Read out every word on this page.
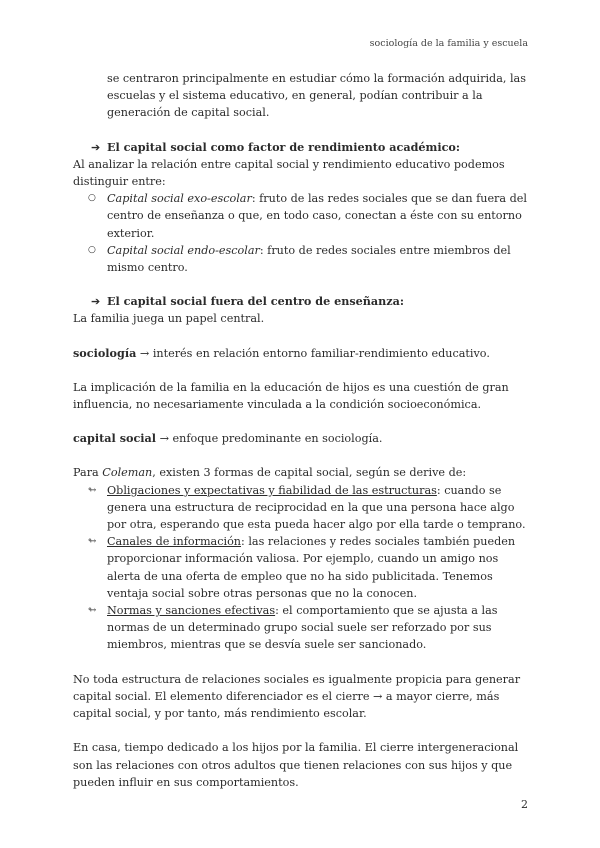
sociología de la familia y escuela

se centraron principalmente en estudiar cómo la formación adquirida, las escuelas y el sistema educativo, en general, podían contribuir a la generación de capital social.

➔ El capital social como factor de rendimiento académico:

Al analizar la relación entre capital social y rendimiento educativo podemos distinguir entre:

○ Capital social exo-escolar: fruto de las redes sociales que se dan fuera del centro de enseñanza o que, en todo caso, conectan a éste con su entorno exterior.
○ Capital social endo-escolar: fruto de redes sociales entre miembros del mismo centro.

➔ El capital social fuera del centro de enseñanza:

La familia juega un papel central.

sociología → interés en relación entorno familiar-rendimiento educativo.

La implicación de la familia en la educación de hijos es una cuestión de gran influencia, no necesariamente vinculada a la condición socioeconómica.

capital social → enfoque predominante en sociología.

Para Coleman, existen 3 formas de capital social, según se derive de:

↬ Obligaciones y expectativas y fiabilidad de las estructuras: cuando se genera una estructura de reciprocidad en la que una persona hace algo por otra, esperando que esta pueda hacer algo por ella tarde o temprano.
↬ Canales de información: las relaciones y redes sociales también pueden proporcionar información valiosa. Por ejemplo, cuando un amigo nos alerta de una oferta de empleo que no ha sido publicitada. Tenemos ventaja social sobre otras personas que no la conocen.
↬ Normas y sanciones efectivas: el comportamiento que se ajusta a las normas de un determinado grupo social suele ser reforzado por sus miembros, mientras que se desvía suele ser sancionado.

No toda estructura de relaciones sociales es igualmente propicia para generar capital social. El elemento diferenciador es el cierre → a mayor cierre, más capital social, y por tanto, más rendimiento escolar.

En casa, tiempo dedicado a los hijos por la familia. El cierre intergeneracional son las relaciones con otros adultos que tienen relaciones con sus hijos y que pueden influir en sus comportamientos.

2
